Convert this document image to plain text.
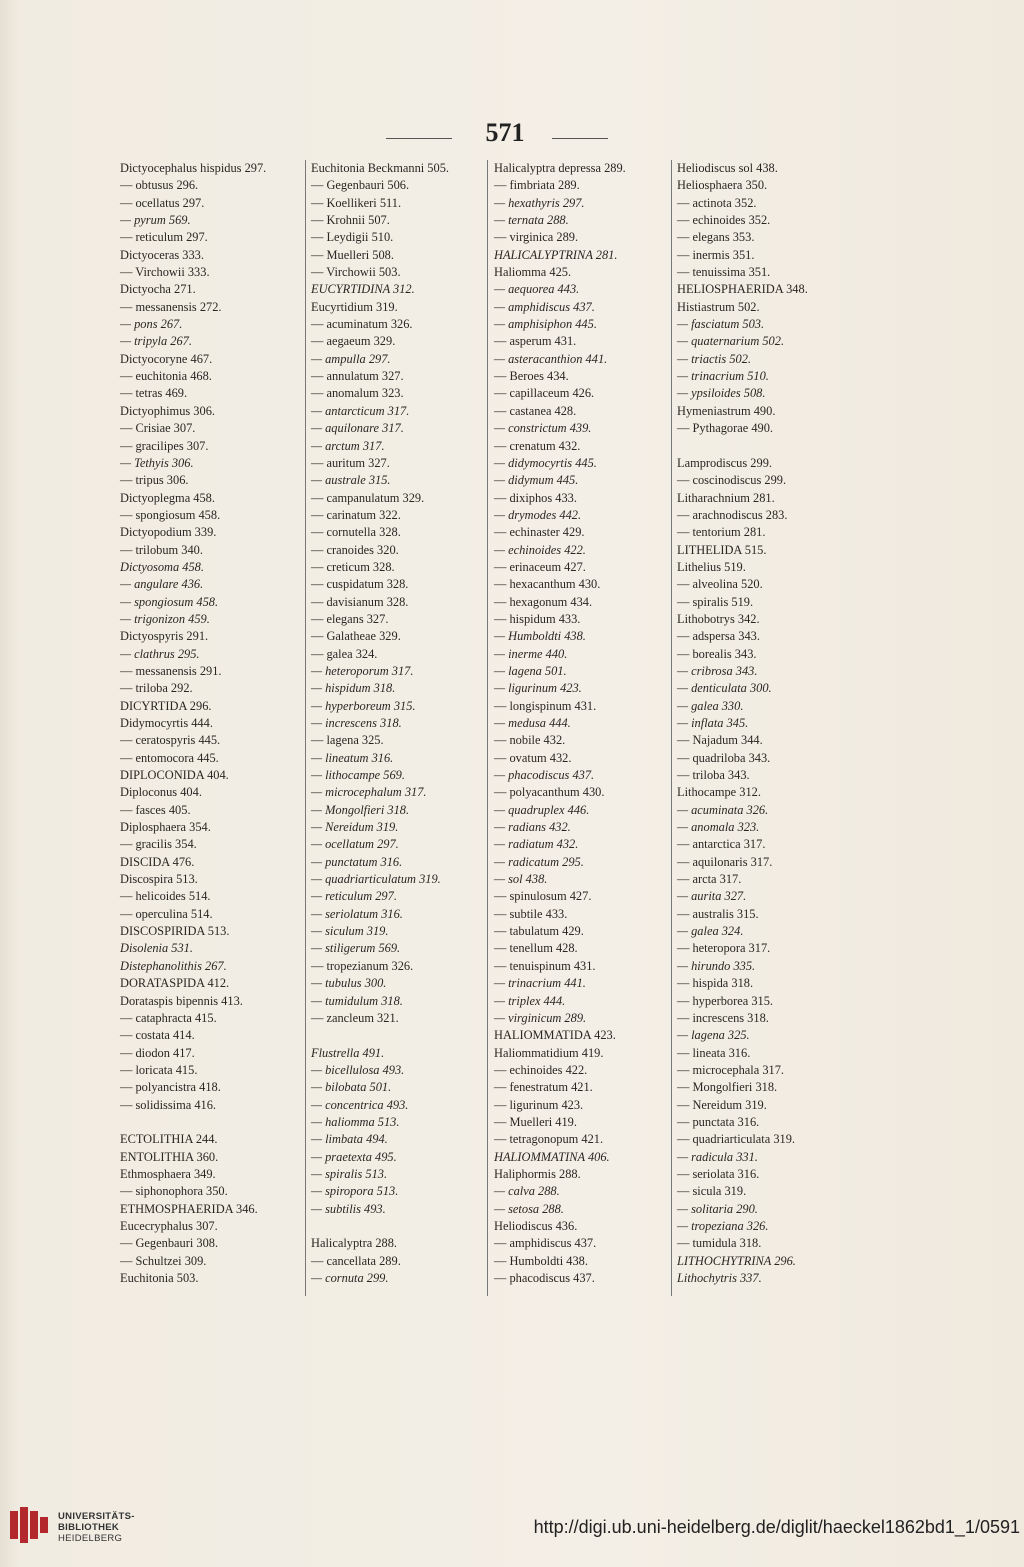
571
Dictyocephalus hispidus 297.
— obtusus 296.
— ocellatus 297.
— pyrum 569.
— reticulum 297.
Dictyoceras 333.
— Virchowii 333.
Dictyocha 271.
— messanensis 272.
— pons 267.
— tripyla 267.
Dictyocoryne 467.
— euchitonia 468.
— tetras 469.
Dictyophimus 306.
— Crisiae 307.
— gracilipes 307.
— Tethyis 306.
— tripus 306.
Dictyoplegma 458.
— spongiosum 458.
Dictyopodium 339.
— trilobum 340.
Dictyosoma 458.
— angulare 436.
— spongiosum 458.
— trigonizon 459.
Dictyospyris 291.
— clathrus 295.
— messanensis 291.
— triloba 292.
DICYRTIDA 296.
Didymocyrtis 444.
— ceratospyris 445.
— entomocora 445.
DIPLOCONIDA 404.
Diploconus 404.
— fasces 405.
Diplosphaera 354.
— gracilis 354.
DISCIDA 476.
Discospira 513.
— helicoides 514.
— operculina 514.
DISCOSPIRIDA 513.
Disolenia 531.
Distephanolithis 267.
DORATASPIDA 412.
Dorataspis bipennis 413.
— cataphracta 415.
— costata 414.
— diodon 417.
— loricata 415.
— polyancistra 418.
— solidissima 416.
ECTOLITHIA 244.
ENTOLITHIA 360.
Ethmosphaera 349.
— siphonophora 350.
ETHMOSPHAERIDA 346.
Eucecryphalus 307.
— Gegenbauri 308.
— Schultzei 309.
Euchitonia 503.
Euchitonia Beckmanni 505.
— Gegenbauri 506.
— Koellikeri 511.
— Krohnii 507.
— Leydigii 510.
— Muelleri 508.
— Virchowii 503.
EUCYRTIDINA 312.
Eucyrtidium 319.
— acuminatum 326.
— aegaeum 329.
— ampulla 297.
— annulatum 327.
— anomalum 323.
— antarcticum 317.
— aquilonare 317.
— arctum 317.
— auritum 327.
— australe 315.
— campanulatum 329.
— carinatum 322.
— cornutella 328.
— cranoides 320.
— creticum 328.
— cuspidatum 328.
— davisianum 328.
— elegans 327.
— Galatheae 329.
— galea 324.
— heteroporum 317.
— hispidum 318.
— hyperboreum 315.
— increscens 318.
— lagena 325.
— lineatum 316.
— lithocampe 569.
— microcephalum 317.
— Mongolfieri 318.
— Nereidum 319.
— ocellatum 297.
— punctatum 316.
— quadriarticulatum 319.
— reticulum 297.
— seriolatum 316.
— siculum 319.
— stiligerum 569.
— tropezianum 326.
— tubulus 300.
— tumidulum 318.
— zancleum 321.
Flustrella 491.
— bicellulosa 493.
— bilobata 501.
— concentrica 493.
— haliomma 513.
— limbata 494.
— praetexta 495.
— spiralis 513.
— spiropora 513.
— subtilis 493.
Halicalyptra 288.
— cancellata 289.
— cornuta 299.
Halicalyptra depressa 289.
— fimbriata 289.
— hexathyris 297.
— ternata 288.
— virginica 289.
HALICALYPTRINA 281.
Haliomma 425.
— aequorea 443.
— amphidiscus 437.
— amphisiphon 445.
— asperum 431.
— asteracanthion 441.
— Beroes 434.
— capillaceum 426.
— castanea 428.
— constrictum 439.
— crenatum 432.
— didymocyrtis 445.
— didymum 445.
— dixiphos 433.
— drymodes 442.
— echinaster 429.
— echinoides 422.
— erinaceum 427.
— hexacanthum 430.
— hexagonum 434.
— hispidum 433.
— Humboldti 438.
— inerme 440.
— lagena 501.
— ligurinum 423.
— longispinum 431.
— medusa 444.
— nobile 432.
— ovatum 432.
— phacodiscus 437.
— polyacanthum 430.
— quadruplex 446.
— radians 432.
— radiatum 432.
— radicatum 295.
— sol 438.
— spinulosum 427.
— subtile 433.
— tabulatum 429.
— tenellum 428.
— tenuispinum 431.
— trinacrium 441.
— triplex 444.
— virginicum 289.
HALIOMMATIDA 423.
Haliommatidium 419.
— echinoides 422.
— fenestratum 421.
— ligurinum 423.
— Muelleri 419.
— tetragonopum 421.
HALIOMMATINA 406.
Haliphormis 288.
— calva 288.
— setosa 288.
Heliodiscus 436.
— amphidiscus 437.
— Humboldti 438.
— phacodiscus 437.
Heliodiscus sol 438.
Heliosphaera 350.
— actinota 352.
— echinoides 352.
— elegans 353.
— inermis 351.
— tenuissima 351.
HELIOSPHAERIDA 348.
Histiastrum 502.
— fasciatum 503.
— quaternarium 502.
— triactis 502.
— trinacrium 510.
— ypsiloides 508.
Hymeniastrum 490.
— Pythagorae 490.
Lamprodiscus 299.
— coscinodiscus 299.
Litharachnium 281.
— arachnodiscus 283.
— tentorium 281.
LITHELIDA 515.
Lithelius 519.
— alveolina 520.
— spiralis 519.
Lithobotrys 342.
— adspersa 343.
— borealis 343.
— cribrosa 343.
— denticulata 300.
— galea 330.
— inflata 345.
— Najadum 344.
— quadriloba 343.
— triloba 343.
Lithocampe 312.
— acuminata 326.
— anomala 323.
— antarctica 317.
— aquilonaris 317.
— arcta 317.
— aurita 327.
— australis 315.
— galea 324.
— heteropora 317.
— hirundo 335.
— hispida 318.
— hyperborea 315.
— increscens 318.
— lagena 325.
— lineata 316.
— microcephala 317.
— Mongolfieri 318.
— Nereidum 319.
— punctata 316.
— quadriarticulata 319.
— radicula 331.
— seriolata 316.
— sicula 319.
— solitaria 290.
— tropeziana 326.
— tumidula 318.
LITHOCHYTRINA 296.
Lithochytris 337.
UNIVERSITÄTS-
BIBLIOTHEK
HEIDELBERG
http://digi.ub.uni-heidelberg.de/diglit/haeckel1862bd1_1/0591
